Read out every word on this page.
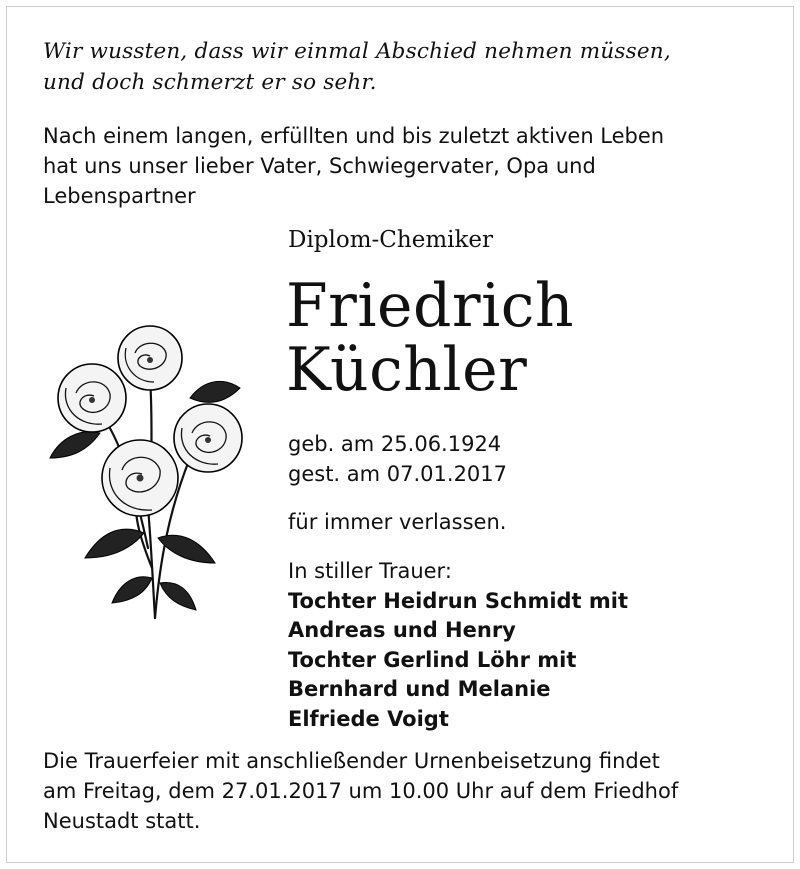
Wir wussten, dass wir einmal Abschied nehmen müssen,
und doch schmerzt er so sehr.

Nach einem langen, erfüllten und bis zuletzt aktiven Leben
hat uns unser lieber Vater, Schwiegervater, Opa und
Lebenspartner

Diplom-Chemiker
Friedrich
Küchler
geb. am 25.06.1924
gest. am 07.01.2017
für immer verlassen.
In stiller Trauer:
Tochter Heidrun Schmidt mit
Andreas und Henry
Tochter Gerlind Löhr mit
Bernhard und Melanie
Elfriede Voigt

Die Trauerfeier mit anschließender Urnenbeisetzung findet
am Freitag, dem 27.01.2017 um 10.00 Uhr auf dem Friedhof
Neustadt statt.
